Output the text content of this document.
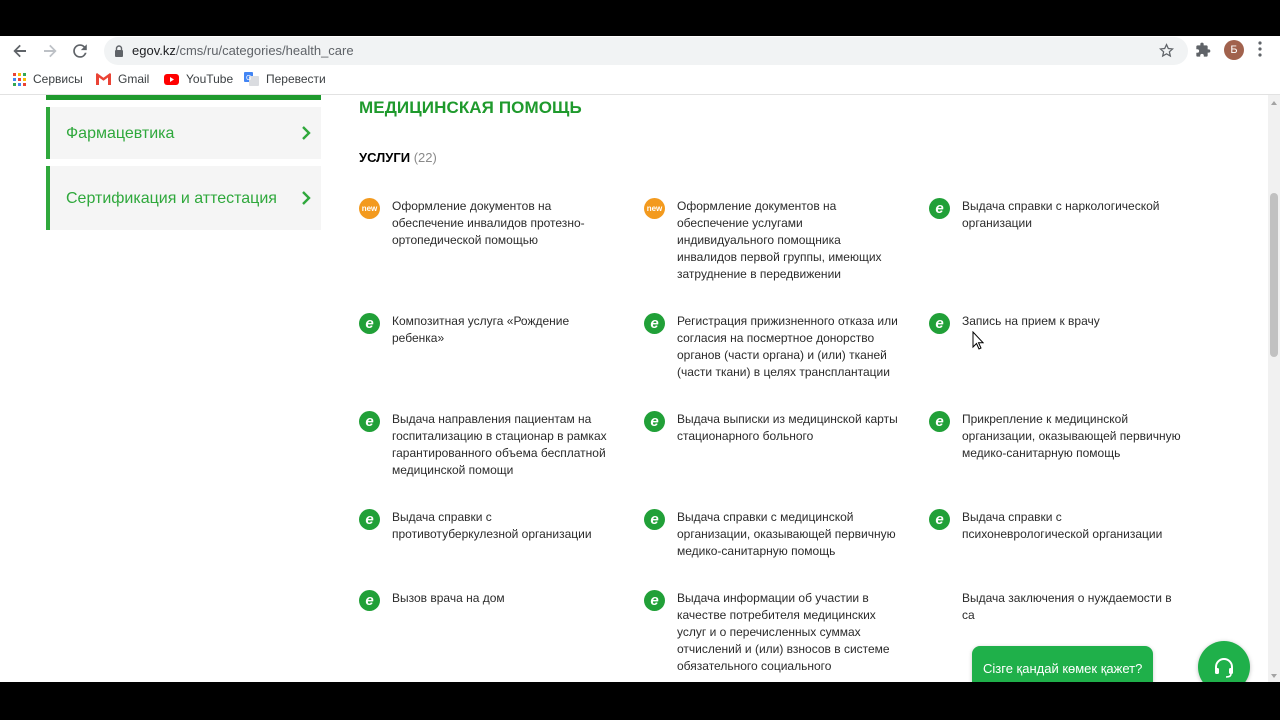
egov.kz/cms/ru/categories/health_care	Б
Сервисы	Gmail	YouTube G Перевести
Фармацевтика
Сертификация и аттестация
МЕДИЦИНСКАЯ ПОМОЩЬ
УСЛУГИ (22)
new Оформление документов на обеспечение инвалидов протезно-ортопедической помощью
new Оформление документов на обеспечение услугами индивидуального помощника инвалидов первой группы, имеющих затруднение в передвижении
e	Выдача справки с наркологической организации
e	Композитная услуга «Рождение ребенка»
e	Регистрация прижизненного отказа или согласия на посмертное донорство органов (части органа) и (или) тканей (части ткани) в целях трансплантации
e	Запись на прием к врачу
e	Выдача направления пациентам на госпитализацию в стационар в рамках гарантированного объема бесплатной медицинской помощи
e	Выдача выписки из медицинской карты стационарного больного
e	Прикрепление к медицинской организации, оказывающей первичную медико-санитарную помощь
e	Выдача справки с противотуберкулезной организации
e	Выдача справки с медицинской организации, оказывающей первичную медико-санитарную помощь
e	Выдача справки с психоневрологической организации
e	Вызов врача на дом	e	Выдача информации об участии в качестве потребителя медицинских услуг и о перечисленных суммах отчислений и (или) взносов в системе обязательного социального
Выдача заключения о нуждаемости в са
Сізге қандай көмек қажет?
